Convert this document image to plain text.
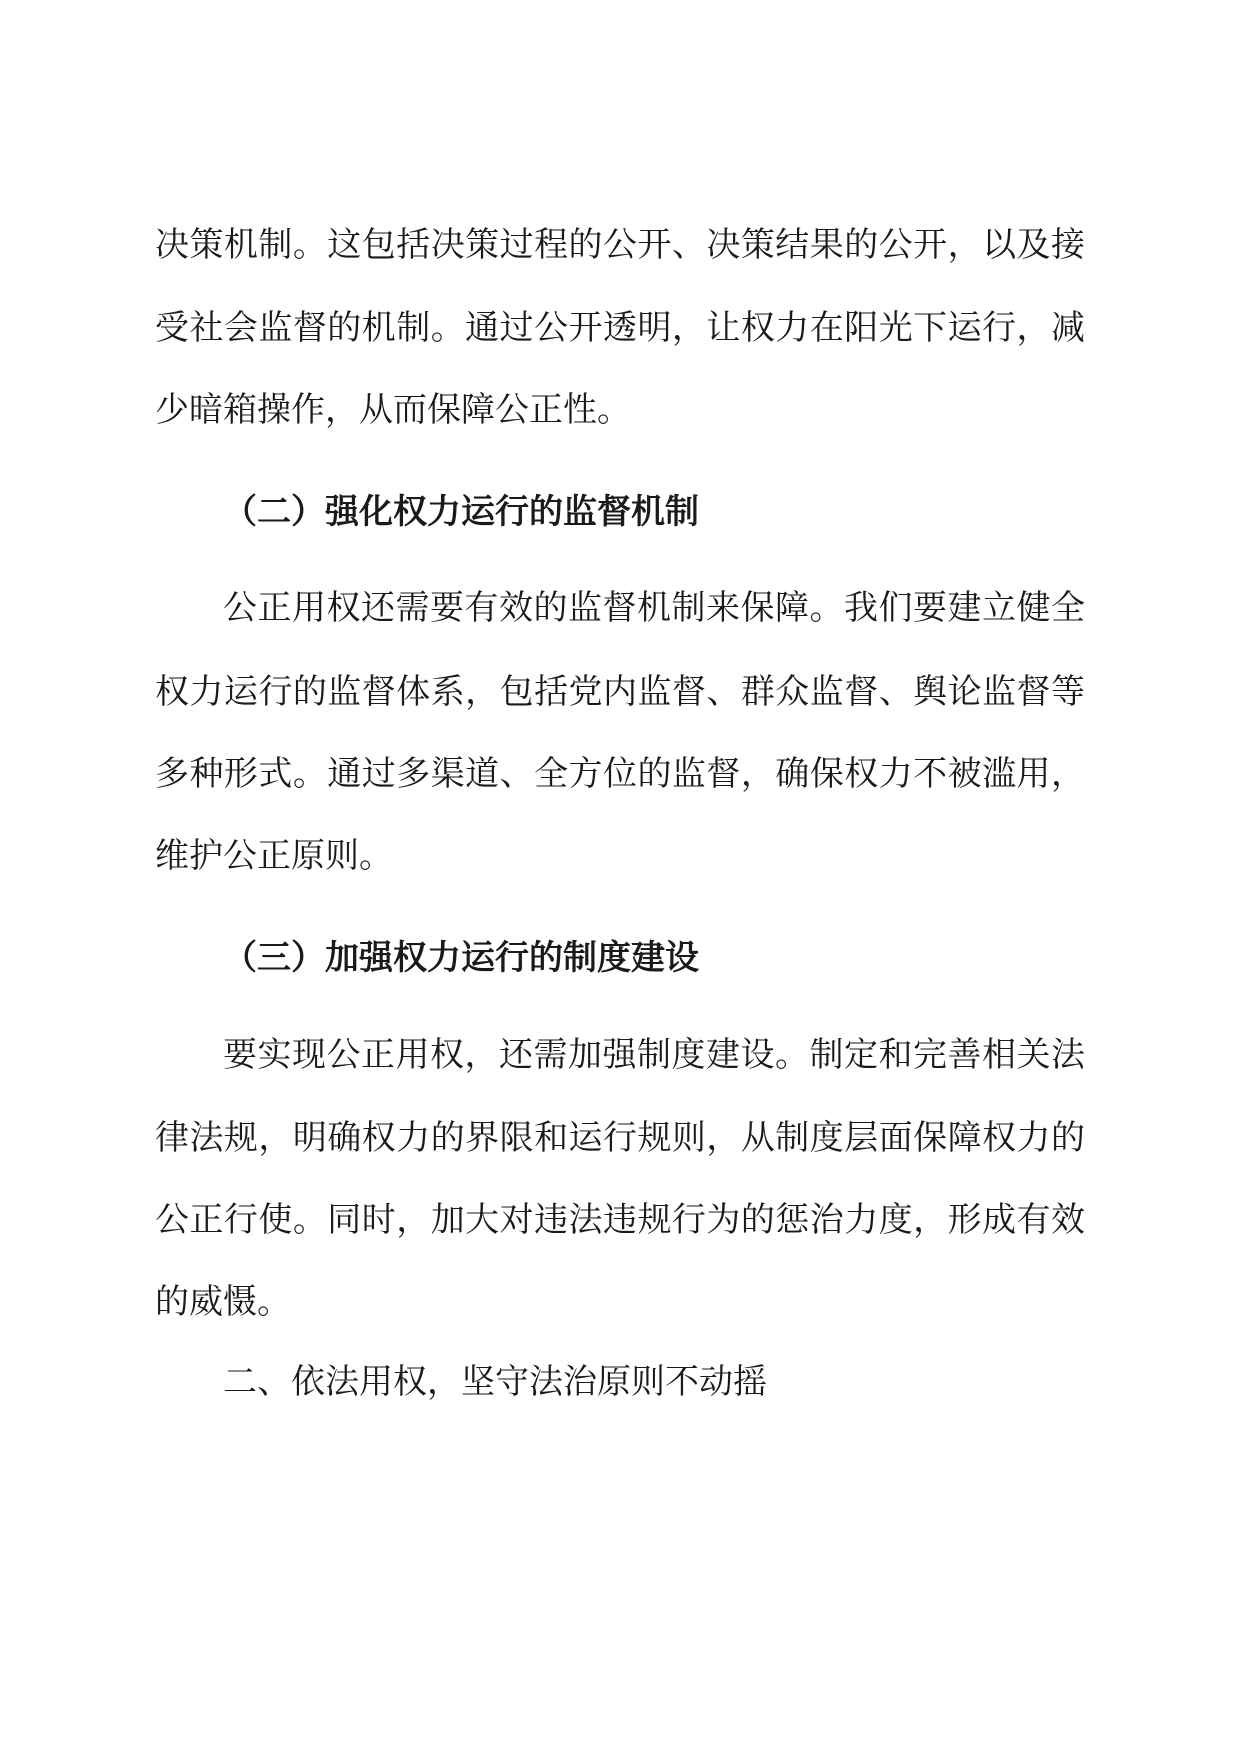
决策机制。这包括决策过程的公开、决策结果的公开，以及接
受社会监督的机制。通过公开透明，让权力在阳光下运行，减
少暗箱操作，从而保障公正性。
（二）强化权力运行的监督机制
公正用权还需要有效的监督机制来保障。我们要建立健全
权力运行的监督体系，包括党内监督、群众监督、舆论监督等
多种形式。通过多渠道、全方位的监督，确保权力不被滥用，
维护公正原则。
（三）加强权力运行的制度建设
要实现公正用权，还需加强制度建设。制定和完善相关法
律法规，明确权力的界限和运行规则，从制度层面保障权力的
公正行使。同时，加大对违法违规行为的惩治力度，形成有效
的威慑。
二、依法用权，坚守法治原则不动摇
